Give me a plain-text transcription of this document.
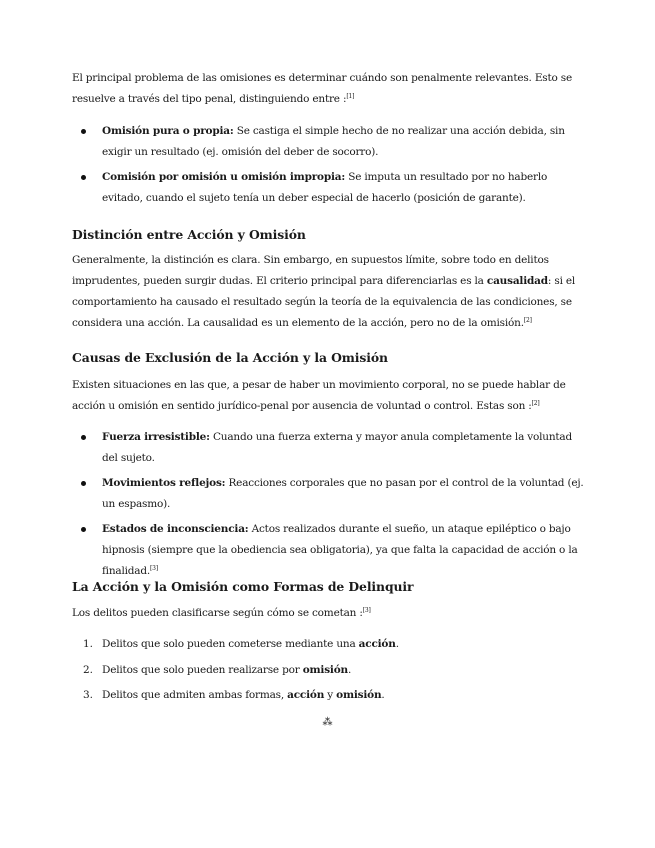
El principal problema de las omisiones es determinar cuándo son penalmente relevantes. Esto se resuelve a través del tipo penal, distinguiendo entre :[1]

Omisión pura o propia: Se castiga el simple hecho de no realizar una acción debida, sin exigir un resultado (ej. omisión del deber de socorro).

Comisión por omisión u omisión impropia: Se imputa un resultado por no haberlo evitado, cuando el sujeto tenía un deber especial de hacerlo (posición de garante).

Distinción entre Acción y Omisión

Generalmente, la distinción es clara. Sin embargo, en supuestos límite, sobre todo en delitos imprudentes, pueden surgir dudas. El criterio principal para diferenciarlas es la causalidad: si el comportamiento ha causado el resultado según la teoría de la equivalencia de las condiciones, se considera una acción. La causalidad es un elemento de la acción, pero no de la omisión.[2]

Causas de Exclusión de la Acción y la Omisión

Existen situaciones en las que, a pesar de haber un movimiento corporal, no se puede hablar de acción u omisión en sentido jurídico-penal por ausencia de voluntad o control. Estas son :[2]

Fuerza irresistible: Cuando una fuerza externa y mayor anula completamente la voluntad del sujeto.

Movimientos reflejos: Reacciones corporales que no pasan por el control de la voluntad (ej. un espasmo).

Estados de inconsciencia: Actos realizados durante el sueño, un ataque epiléptico o bajo hipnosis (siempre que la obediencia sea obligatoria), ya que falta la capacidad de acción o la finalidad.[3]

La Acción y la Omisión como Formas de Delinquir

Los delitos pueden clasificarse según cómo se cometan :[3]

1. Delitos que solo pueden cometerse mediante una acción.

2. Delitos que solo pueden realizarse por omisión.

3. Delitos que admiten ambas formas, acción y omisión.

⁂
